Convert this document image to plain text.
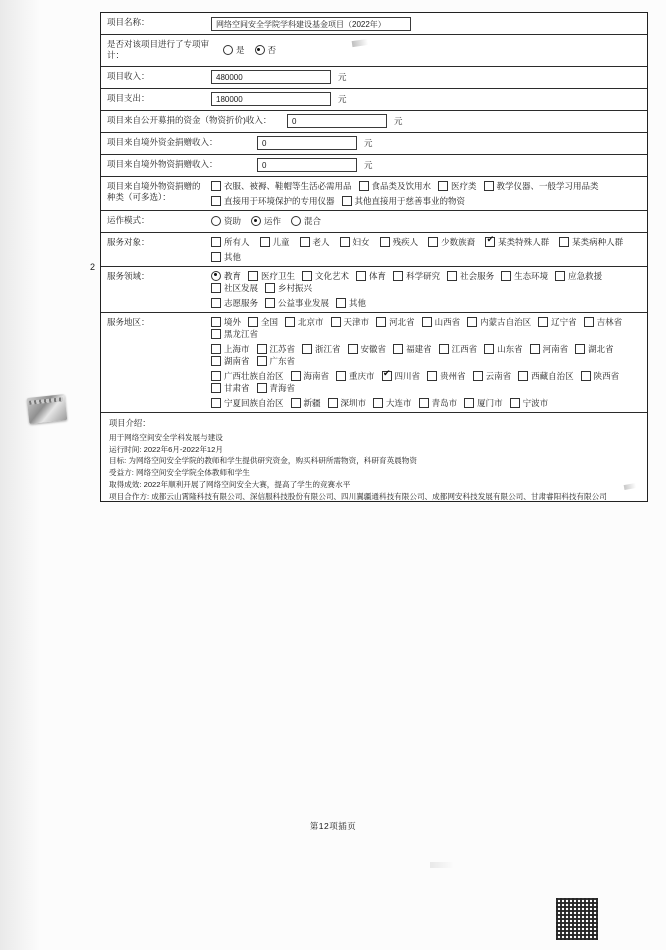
2
项目名称：	网络空间安全学院学科建设基金项目（2022年）
是否对该项目进行了专项审计：	是	否
项目收入：	480000	元
项目支出：	180000	元
项目来自公开募捐的资金（物资折价)收入：	0	元
项目来自境外资金捐赠收入：	0	元
项目来自境外物资捐赠收入：	0	元
项目来自境外物资捐赠的种类（可多选）：
衣服、被褥、鞋帽等生活必需用品 食品类及饮用水 医疗类 教学仪器、一般学习用品类
直接用于环境保护的专用仪器 其他直接用于慈善事业的物资
运作模式：	资助	运作	混合
服务对象：	所有人	儿童	老人	妇女	残疾人	少数族裔 ✔	某类特殊人群	某类病种人群
其他
服务领域：	教育 医疗卫生 文化艺术 体育 科学研究 社会服务 生态环境 应急救援
社区发展 乡村振兴
志愿服务 公益事业发展 其他
服务地区：	境外 全国 北京市 天津市 河北省 山西省 内蒙古自治区 辽宁省 吉林省
黑龙江省
上海市 江苏省 浙江省 安徽省 福建省 江西省 山东省 河南省 湖北省
湖南省 广东省
广西壮族自治区 海南省 重庆市 ✔ 四川省 贵州省 云南省 西藏自治区 陕西省
甘肃省 青海省
宁夏回族自治区 新疆 深圳市 大连市 青岛市 厦门市 宁波市
项目介绍：
用于网络空间安全学科发展与建设
运行时间: 2022年6月-2022年12月
目标: 为网络空间安全学院的教师和学生提供研究资金，购买科研所需物资，科研育英晨物资
受益方: 网络空间安全学院全体教师和学生
取得成效: 2022年顺利开展了网络空间安全大赛，提高了学生的竞赛水平
项目合作方: 成都云山霄隆科技有限公司、深信服科技股份有限公司、四川翼疆通科技有限公司、成都网安科技发展有限公司、甘肃睿阳科技有限公司
第12项插页
